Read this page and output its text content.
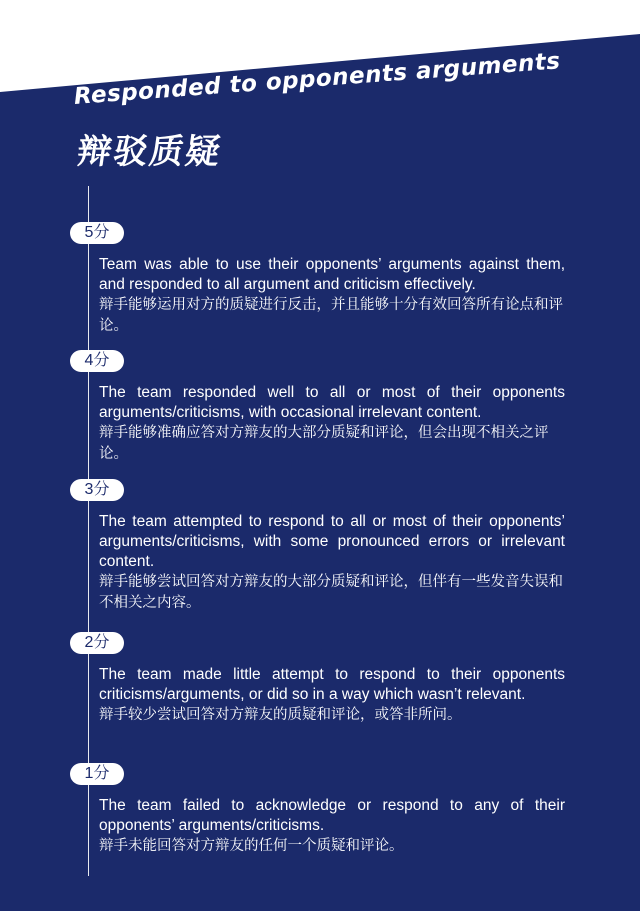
Responded to opponents arguments
辩驳质疑
5分
Team was able to use their opponents’ arguments against them, and responded to all argument and criticism effectively.
辩手能够运用对方的质疑进行反击，并且能够十分有效回答所有论点和评论。
4分
The team responded well to all or most of their opponents arguments/criticisms, with occasional irrelevant content.
辩手能够准确应答对方辩友的大部分质疑和评论，但会出现不相关之评论。
3分
The team attempted to respond to all or most of their opponents’ arguments/criticisms, with some pronounced errors or irrelevant content.
辩手能够尝试回答对方辩友的大部分质疑和评论，但伴有一些发音失误和不相关之内容。
2分
The team made little attempt to respond to their opponents criticisms/arguments, or did so in a way which wasn’t relevant.
辩手较少尝试回答对方辩友的质疑和评论，或答非所问。
1分
The team failed to acknowledge or respond to any of their opponents’ arguments/criticisms.
辩手未能回答对方辩友的任何一个质疑和评论。
